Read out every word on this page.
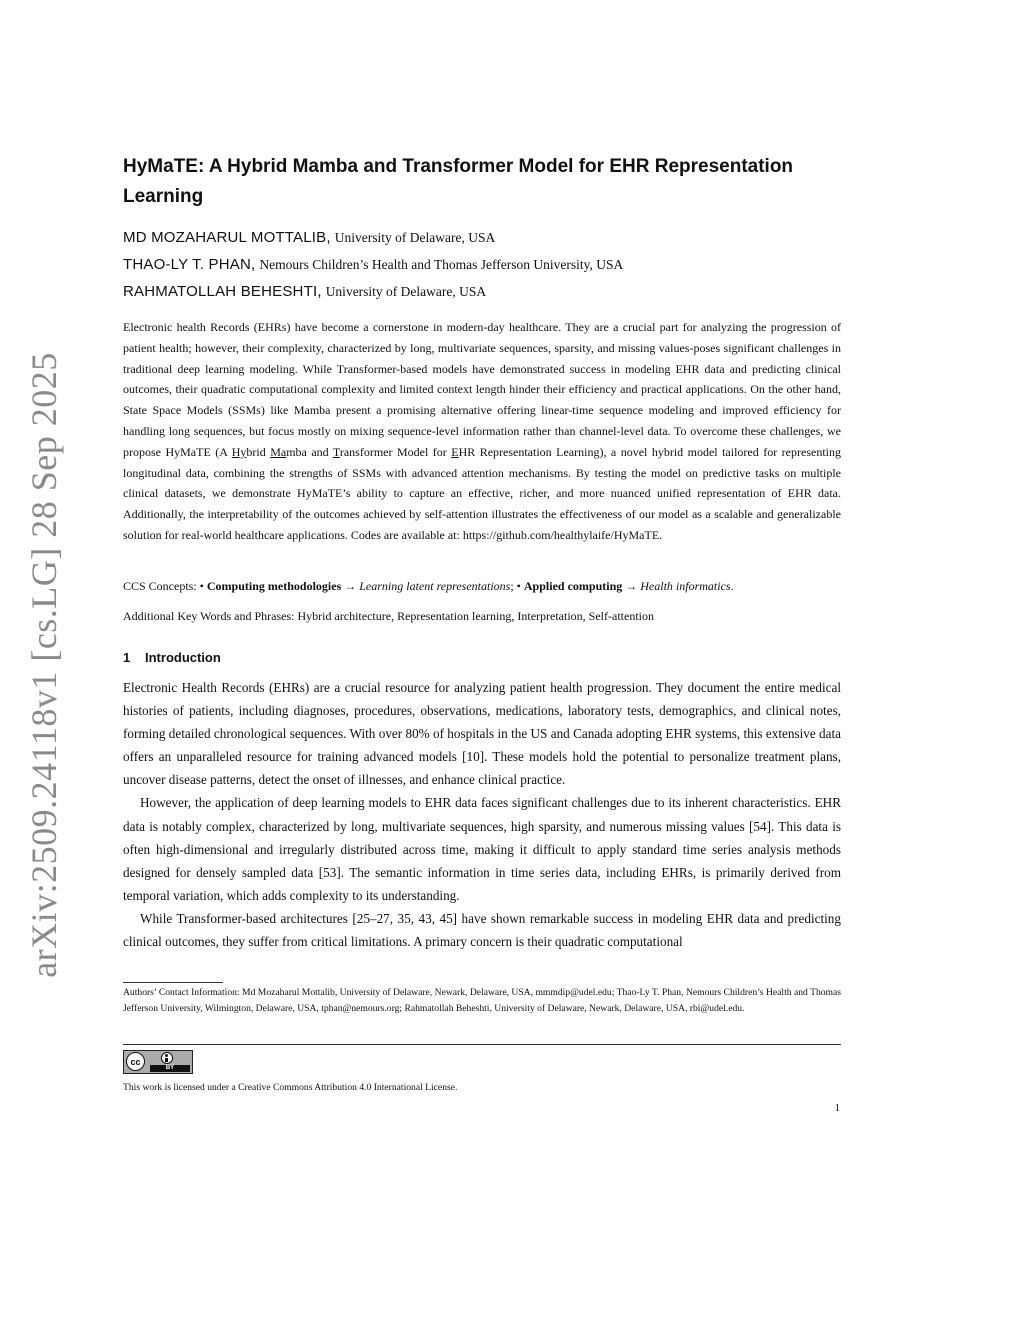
arXiv:2509.24118v1 [cs.LG] 28 Sep 2025
HyMaTE: A Hybrid Mamba and Transformer Model for EHR Representation Learning
MD MOZAHARUL MOTTALIB, University of Delaware, USA
THAO-LY T. PHAN, Nemours Children’s Health and Thomas Jefferson University, USA
RAHMATOLLAH BEHESHTI, University of Delaware, USA

Electronic health Records (EHRs) have become a cornerstone in modern-day healthcare. They are a crucial part for analyzing the progression of patient health; however, their complexity, characterized by long, multivariate sequences, sparsity, and missing values-poses significant challenges in traditional deep learning modeling. While Transformer-based models have demonstrated success in modeling EHR data and predicting clinical outcomes, their quadratic computational complexity and limited context length hinder their efficiency and practical applications. On the other hand, State Space Models (SSMs) like Mamba present a promising alternative offering linear-time sequence modeling and improved efficiency for handling long sequences, but focus mostly on mixing sequence-level information rather than channel-level data. To overcome these challenges, we propose HyMaTE (A Hybrid Mamba and Transformer Model for EHR Representation Learning), a novel hybrid model tailored for representing longitudinal data, combining the strengths of SSMs with advanced attention mechanisms. By testing the model on predictive tasks on multiple clinical datasets, we demonstrate HyMaTE’s ability to capture an effective, richer, and more nuanced unified representation of EHR data. Additionally, the interpretability of the outcomes achieved by self-attention illustrates the effectiveness of our model as a scalable and generalizable solution for real-world healthcare applications. Codes are available at: https://github.com/healthylaife/HyMaTE.

CCS Concepts: • Computing methodologies → Learning latent representations; • Applied computing → Health informatics.

Additional Key Words and Phrases: Hybrid architecture, Representation learning, Interpretation, Self-attention

1 Introduction

Electronic Health Records (EHRs) are a crucial resource for analyzing patient health progression. They document the entire medical histories of patients, including diagnoses, procedures, observations, medications, laboratory tests, demographics, and clinical notes, forming detailed chronological sequences. With over 80% of hospitals in the US and Canada adopting EHR systems, this extensive data offers an unparalleled resource for training advanced models [10]. These models hold the potential to personalize treatment plans, uncover disease patterns, detect the onset of illnesses, and enhance clinical practice.

However, the application of deep learning models to EHR data faces significant challenges due to its inherent characteristics. EHR data is notably complex, characterized by long, multivariate sequences, high sparsity, and numerous missing values [54]. This data is often high-dimensional and irregularly distributed across time, making it difficult to apply standard time series analysis methods designed for densely sampled data [53]. The semantic information in time series data, including EHRs, is primarily derived from temporal variation, which adds complexity to its understanding.

While Transformer-based architectures [25–27, 35, 43, 45] have shown remarkable success in modeling EHR data and predicting clinical outcomes, they suffer from critical limitations. A primary concern is their quadratic computational

Authors’ Contact Information: Md Mozaharul Mottalib, University of Delaware, Newark, Delaware, USA, mmmdip@udel.edu; Thao-Ly T. Phan, Nemours Children’s Health and Thomas Jefferson University, Wilmington, Delaware, USA, tphan@nemours.org; Rahmatollah Beheshti, University of Delaware, Newark, Delaware, USA, rbi@udel.edu.

cc
BY

This work is licensed under a Creative Commons Attribution 4.0 International License.

1
